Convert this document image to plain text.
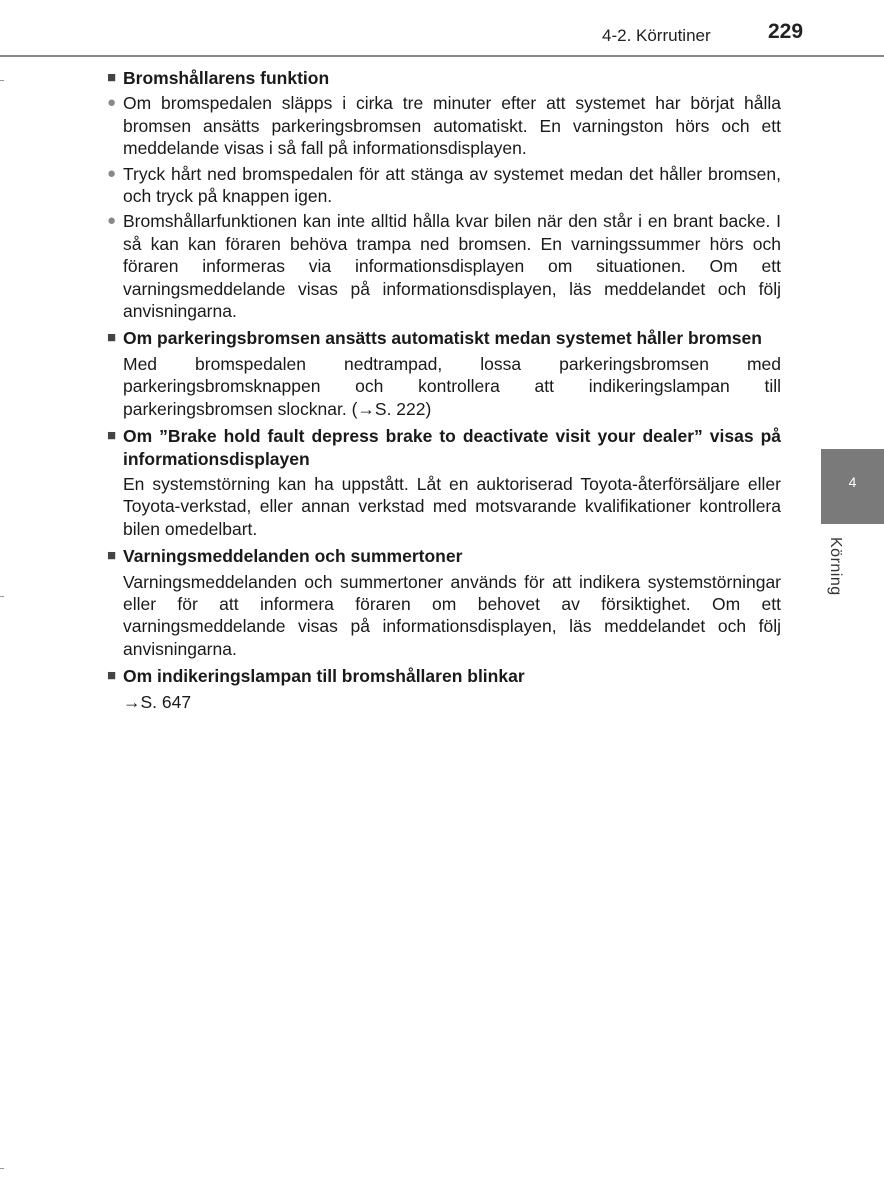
4-2. Körrutiner	229
4
Körning
■ Bromshållarens funktion
● Om bromspedalen släpps i cirka tre minuter efter att systemet har börjat hålla bromsen ansätts parkeringsbromsen automatiskt. En varningston hörs och ett meddelande visas i så fall på informationsdisplayen.
● Tryck hårt ned bromspedalen för att stänga av systemet medan det håller bromsen, och tryck på knappen igen.
● Bromshållarfunktionen kan inte alltid hålla kvar bilen när den står i en brant backe. I så kan kan föraren behöva trampa ned bromsen. En varningssummer hörs och föraren informeras via informationsdisplayen om situationen. Om ett varningsmeddelande visas på informationsdisplayen, läs meddelandet och följ anvisningarna.
■ Om parkeringsbromsen ansätts automatiskt medan systemet håller bromsen
Med bromspedalen nedtrampad, lossa parkeringsbromsen med parkeringsbromsknappen och kontrollera att indikeringslampan till parkeringsbromsen slocknar. (→S. 222)
■ Om ”Brake hold fault depress brake to deactivate visit your dealer” visas på informationsdisplayen
En systemstörning kan ha uppstått. Låt en auktoriserad Toyota-återförsäljare eller Toyota-verkstad, eller annan verkstad med motsvarande kvalifikationer kontrollera bilen omedelbart.
■ Varningsmeddelanden och summertoner
Varningsmeddelanden och summertoner används för att indikera systemstörningar eller för att informera föraren om behovet av försiktighet. Om ett varningsmeddelande visas på informationsdisplayen, läs meddelandet och följ anvisningarna.
■ Om indikeringslampan till bromshållaren blinkar
→S. 647
